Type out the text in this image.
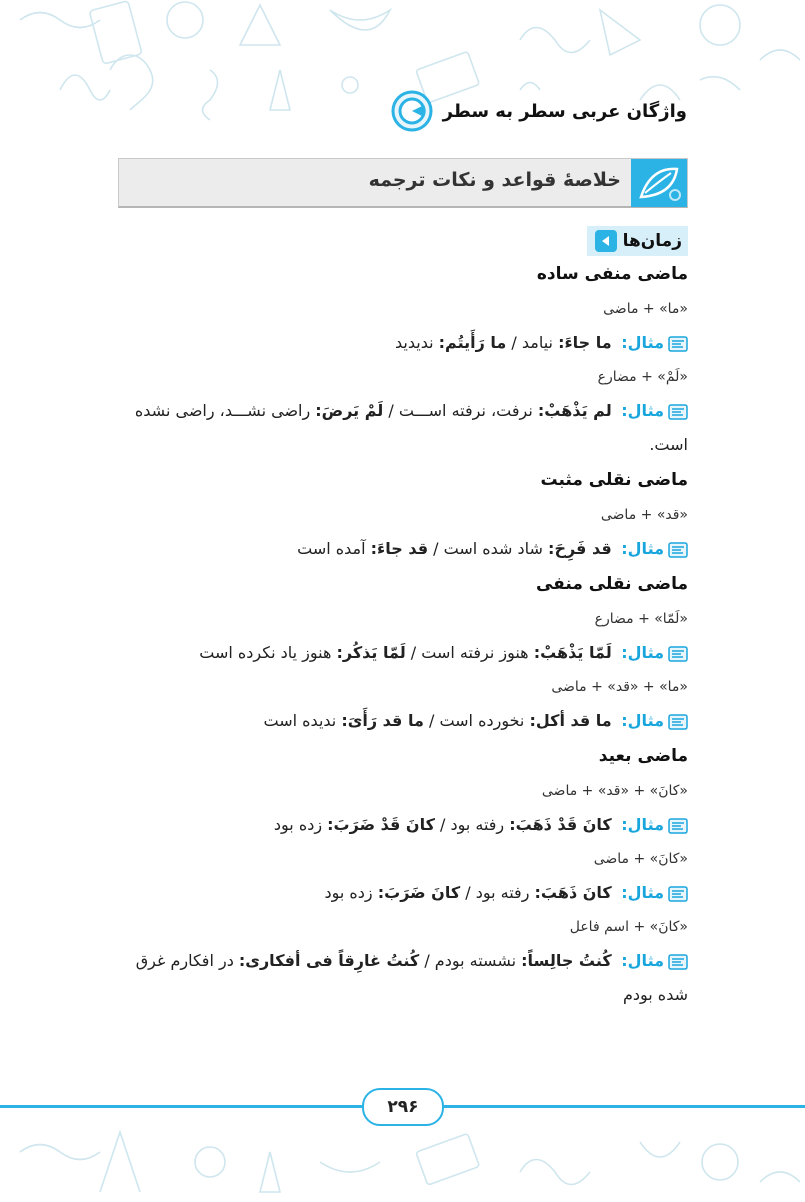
واژگان عربی سطر به سطر
خلاصهٔ قواعد و نکات ترجمه
زمان‌ها
ماضی منفی ساده
«ما» + ماضی
مثال: ما جاءَ: نیامد / ما رَأَیتُم: ندیدید
«لَمْ» + مضارع
مثال: لم یَذْهَبْ: نرفت، نرفته اســـت / لَمْ یَرضَ: راضی نشـــد، راضی نشده است.
ماضی نقلی مثبت
«قد» + ماضی
مثال: قد فَرِحَ: شاد شده است / قد جاءَ: آمده است
ماضی نقلی منفی
«لَمّا» + مضارع
مثال: لَمّا یَذْهَبْ: هنوز نرفته است / لَمّا یَذکُر: هنوز یاد نکرده است
«ما» + «قد» + ماضی
مثال: ما قد أکل: نخورده است / ما قد رَأَیَ: ندیده است
ماضی بعید
«کانَ» + «قد» + ماضی
مثال: کانَ قَدْ ذَهَبَ: رفته بود / کانَ قَدْ ضَرَبَ: زده بود
«کانَ» + ماضی
مثال: کانَ ذَهَبَ: رفته بود / کانَ ضَرَبَ: زده بود
«کانَ» + اسم فاعل
مثال: کُنتُ جالِساً: نشسته بودم / کُنتُ غارِقاً فی أفکاری: در افکارم غرق شده بودم
۲۹۶
